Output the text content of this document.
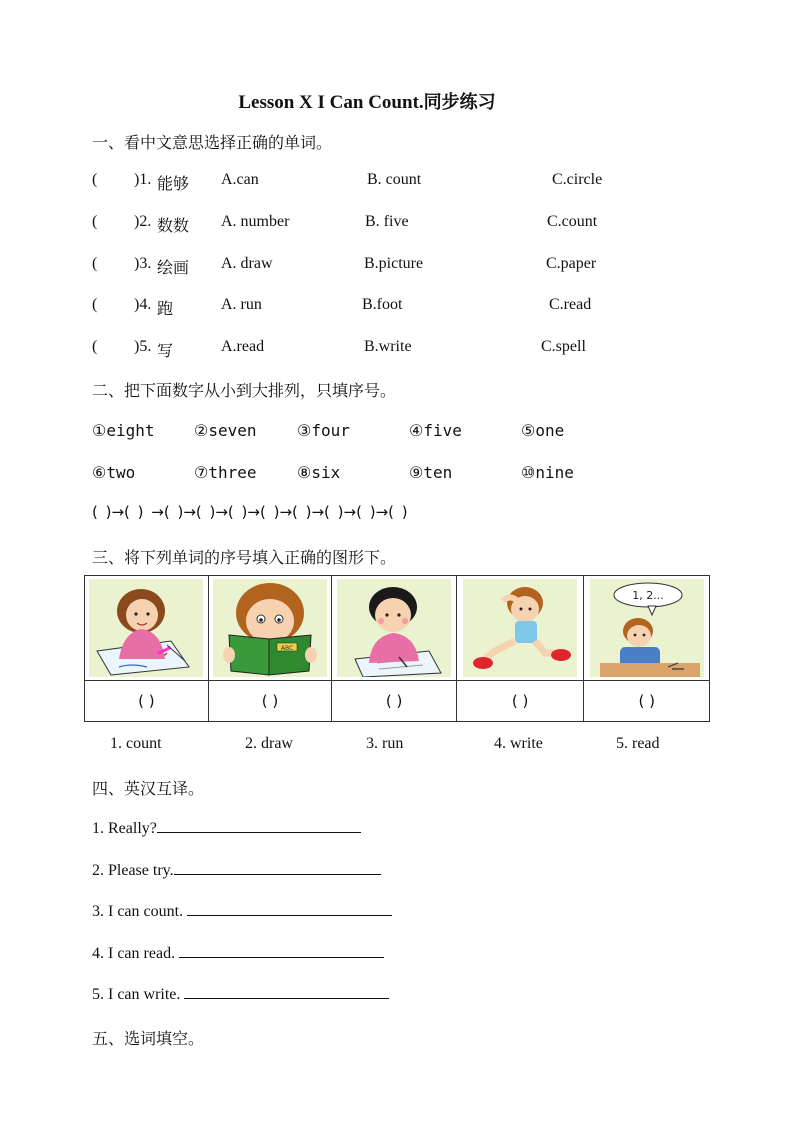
Lesson X I Can Count.同步练习
一、看中文意思选择正确的单词。
( )1. 能够 A.can	B. count	C.circle
( )2. 数数 A. number	B. five	C.count
( )3. 绘画 A. draw	B.picture	C.paper
( )4. 跑	A. run	B.foot	C.read
( )5. 写	A.read	B.write	C.spell
二、把下面数字从小到大排列，只填序号。
①eight ②seven	③four	④five	⑤one
⑥two	⑦three	⑧six	⑨ten	⑩nine
( )→( ) →( )→( )→( )→( )→( )→( )→( )→( )
三、将下列单词的序号填入正确的图形下。

ABC			1, 2...

( )	( )	( )	( )	( )
1. count	2. draw	3. run	4. write	5. read
四、英汉互译。
1. Really?
2. Please try.
3. I can count.
4. I can read.
5. I can write.
五、选词填空。
